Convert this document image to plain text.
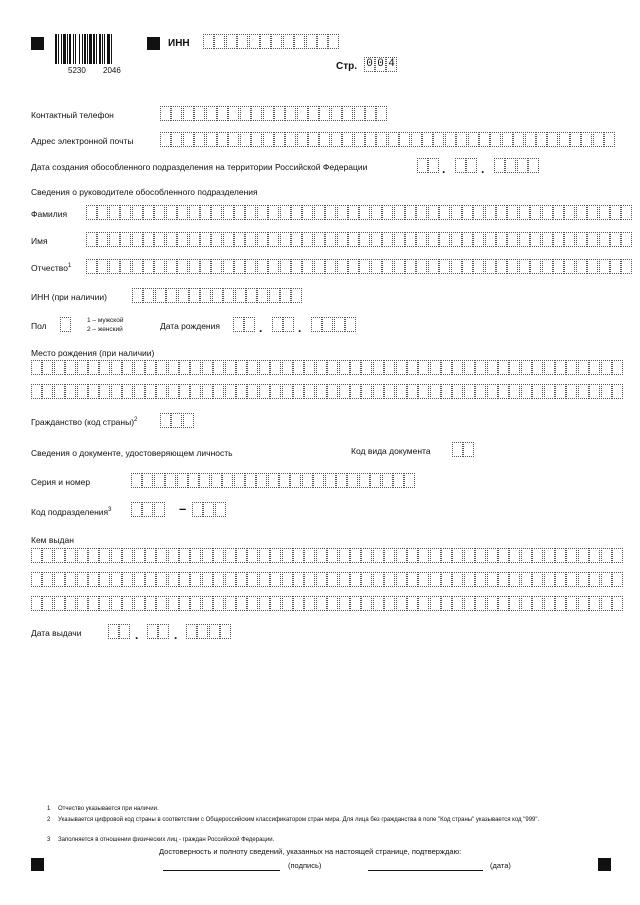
5230 2046
ИНН
Стр. 0 0 4
Контактный телефон
Адрес электронной почты
Дата создания обособленного подразделения на территории Российской Федерации	.	.
Сведения о руководителе обособленного подразделения
Фамилия
Имя
Отчество$^1$
ИНН (при наличии)
Пол
1 – мужской
2 – женский	Дата рождения	.	.
Место рождения (при наличии)
Гражданство (код страны)$^2$
Сведения о документе, удостоверяющем личность	Код вида документа
Серия и номер
Код подразделения$^3$	–
Кем выдан
Дата выдачи	.	.
1 Отчество указывается при наличии.
2 Указывается цифровой код страны в соответствии с Общероссийским классификатором стран мира. Для лица без гражданства в поле "Код страны" указывается код "999".
3 Заполняется в отношении физических лиц - граждан Российской Федерации.
Достоверность и полноту сведений, указанных на настоящей странице, подтверждаю:
(подпись)	(дата)
